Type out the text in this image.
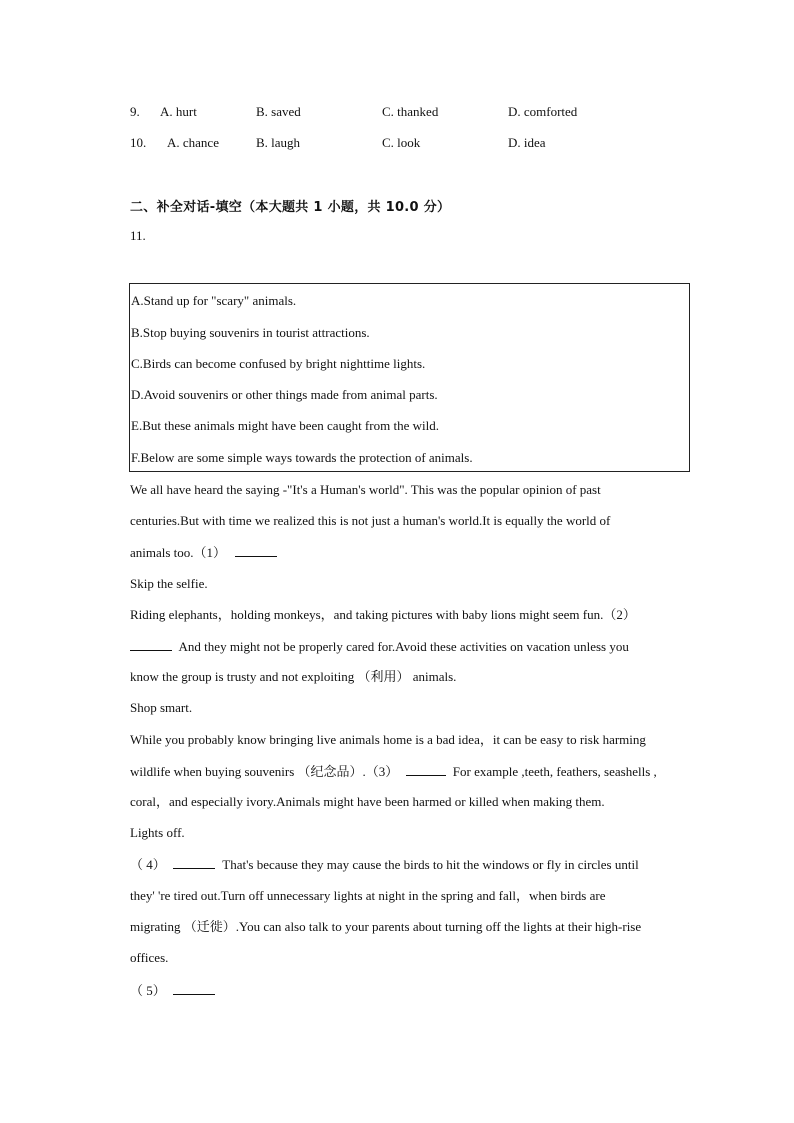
9. A. hurt	B. saved	C. thanked	D. comforted
10. A. chance	B. laugh	C. look	D. idea
二、补全对话-填空（本大题共 1 小题，共 10.0 分）
11.
A.Stand up for "scary" animals.
B.Stop buying souvenirs in tourist attractions.
C.Birds can become confused by bright nighttime lights.
D.Avoid souvenirs or other things made from animal parts.
E.But these animals might have been caught from the wild.
F.Below are some simple ways towards the protection of animals.
We all have heard the saying -"It's a Human's world". This was the popular opinion of past
centuries.But with time we realized this is not just a human's world.It is equally the world of
animals too.（1）
Skip the selfie.
Riding elephants，holding monkeys，and taking pictures with baby lions might seem fun.（2）
And they might not be properly cared for.Avoid these activities on vacation unless you
know the group is trusty and not exploiting （利用） animals.
Shop smart.
While you probably know bringing live animals home is a bad idea，it can be easy to risk harming
wildlife when buying souvenirs （纪念品）.（3）	For example ,teeth, feathers, seashells ,
coral，and especially ivory.Animals might have been harmed or killed when making them.
Lights off.
（ 4）	That's because they may cause the birds to hit the windows or fly in circles until
they' 're tired out.Turn off unnecessary lights at night in the spring and fall，when birds are
migrating （迁徙）.You can also talk to your parents about turning off the lights at their high-rise
offices.
（ 5）
